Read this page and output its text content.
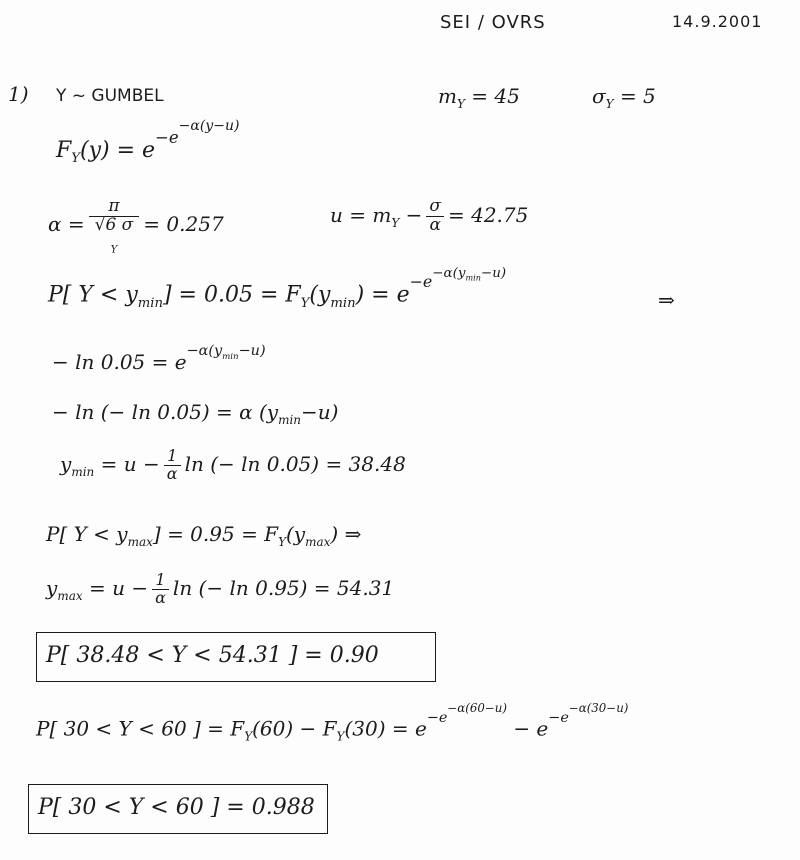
SEI / OVRS	14.9.2001
1) Y ~ GUMBEL	$m_Y = 45$	$\sigma_Y = 5$
$F_Y(y) = e^{-e^{-\alpha(y-u)}}$
α = π
√6 σ
$_Y$ = 0.257	$u = m_Y - \frac{\sigma}{\alpha} = 42.75$
P[ $Y < y_{min}] = 0.05 = F_Y(y_{min}) = e^{-e^{-\alpha(y_{min}-u)}}$
⇒
− $\ln 0.05 = e^{-\alpha(y_{min}-u)}$
− ln (− ln 0.05) = α $(y_{min}-u)$
$y_{min} = u - \frac{1}{\alpha}$ ln (− ln 0.05) = 38.48
P[ $Y < y_{max}] = 0.95 = F_Y(y_{max})$ ⇒
$y_{max} = u - \frac{1}{\alpha}$ ln (− ln 0.95) = 54.31
P[ 38.48 < Y < 54.31 ] = 0.90
P[ 30 < Y < 60 ] = $F_Y(60) - F_Y(30) = e^{-e^{-\alpha(60-u)}} - e^{-e^{-\alpha(30-u)}}$
P[ 30 < Y < 60 ] = 0.988
